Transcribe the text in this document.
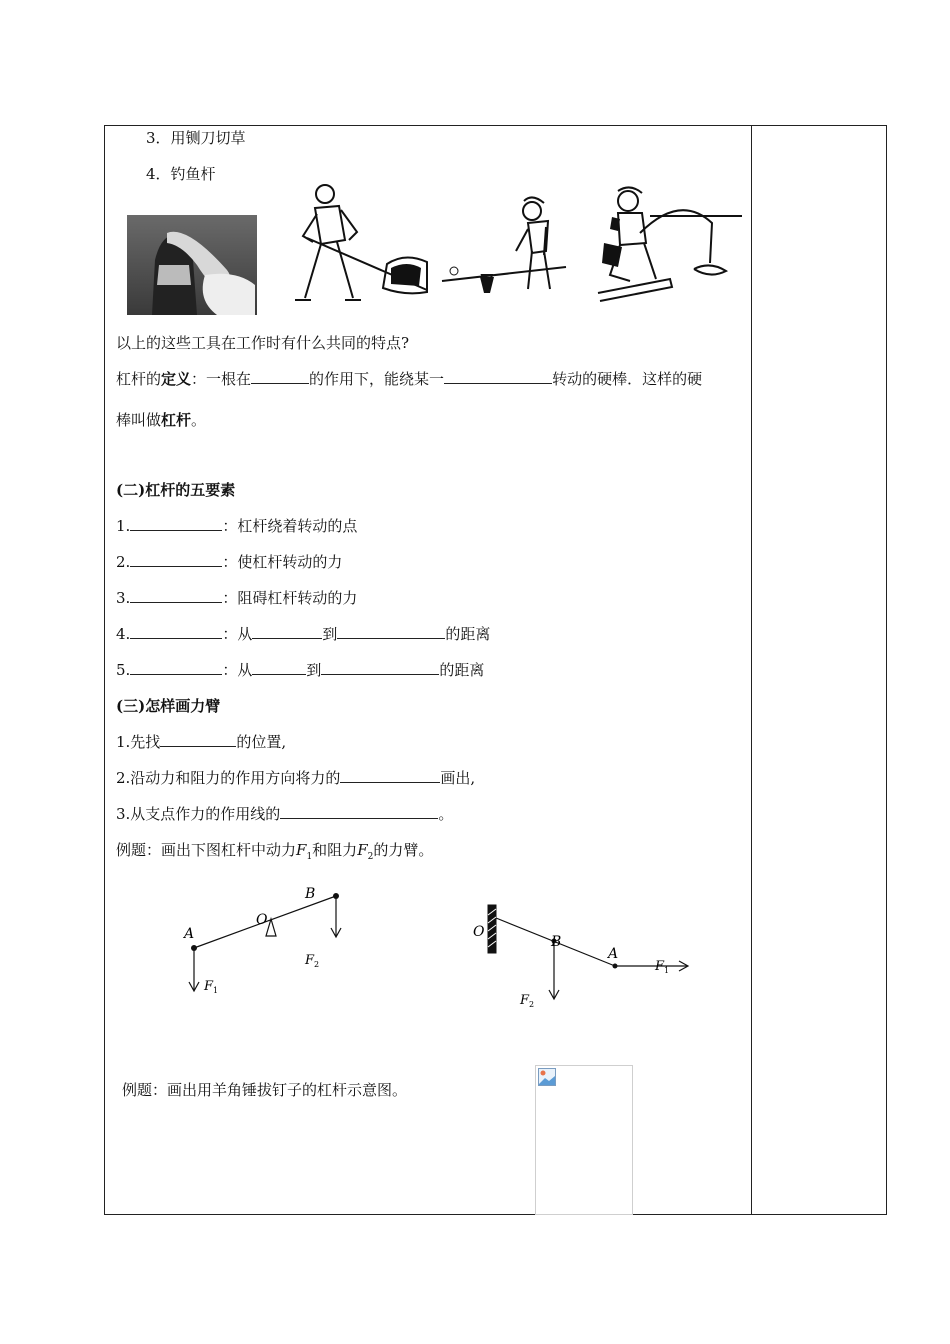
3．用铡刀切草
4．钓鱼杆
以上的这些工具在工作时有什么共同的特点?
杠杆的定义：一根在	的作用下，能绕某一	转动的硬棒．这样的硬
棒叫做杠杆。
(二)杠杆的五要素
1.	：杠杆绕着转动的点
2.	：使杠杆转动的力
3.	：阻碍杠杆转动的力
4.	：从	到	的距离
5.	：从	到	的距离
(三)怎样画力臂
1.先找	的位置,
2.沿动力和阻力的作用方向将力的	画出,
3.从支点作力的作用线的	。
例题：画出下图杠杆中动力$F_1$和阻力$F_2$的力臂。
A
O
B
F 1
F 2
O
B
A
F 1
F 2
例题：画出用羊角锤拔钉子的杠杆示意图。
